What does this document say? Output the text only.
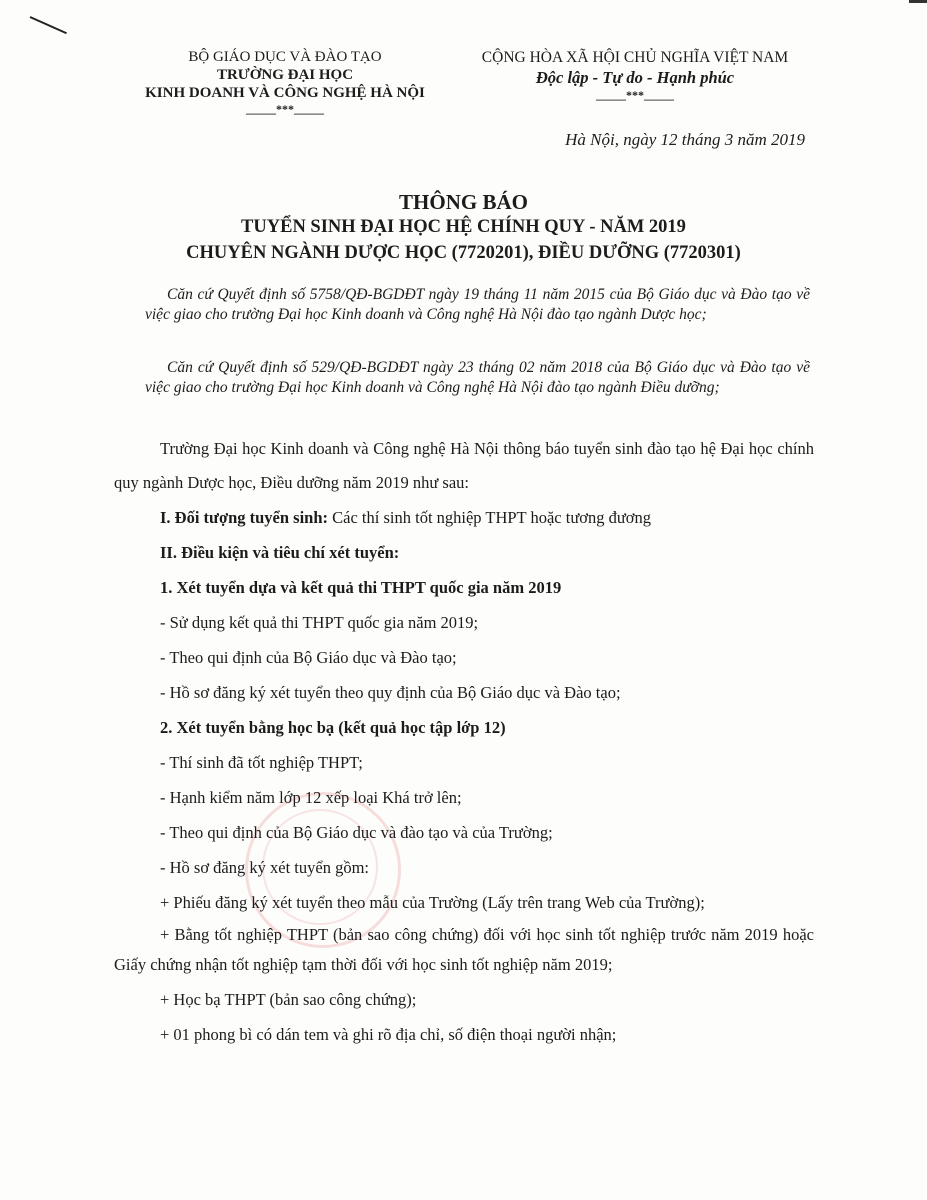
BỘ GIÁO DỤC VÀ ĐÀO TẠO
TRƯỜNG ĐẠI HỌC
KINH DOANH VÀ CÔNG NGHỆ HÀ NỘI
_____***_____
CỘNG HÒA XÃ HỘI CHỦ NGHĨA VIỆT NAM
Độc lập - Tự do - Hạnh phúc
_____***_____
Hà Nội, ngày 12 tháng 3 năm 2019
THÔNG BÁO
TUYỂN SINH ĐẠI HỌC HỆ CHÍNH QUY - NĂM 2019
CHUYÊN NGÀNH DƯỢC HỌC (7720201), ĐIỀU DƯỠNG (7720301)
Căn cứ Quyết định số 5758/QĐ-BGDĐT ngày 19 tháng 11 năm 2015 của Bộ Giáo dục và Đào tạo về việc giao cho trường Đại học Kinh doanh và Công nghệ Hà Nội đào tạo ngành Dược học;
Căn cứ Quyết định số 529/QĐ-BGDĐT ngày 23 tháng 02 năm 2018 của Bộ Giáo dục và Đào tạo về việc giao cho trường Đại học Kinh doanh và Công nghệ Hà Nội đào tạo ngành Điều dưỡng;
Trường Đại học Kinh doanh và Công nghệ Hà Nội thông báo tuyển sinh đào tạo hệ Đại học chính quy ngành Dược học, Điều dưỡng năm 2019 như sau:
I. Đối tượng tuyển sinh: Các thí sinh tốt nghiệp THPT hoặc tương đương
II. Điều kiện và tiêu chí xét tuyển:
1. Xét tuyển dựa và kết quả thi THPT quốc gia năm 2019
- Sử dụng kết quả thi THPT quốc gia năm 2019;
- Theo qui định của Bộ Giáo dục và Đào tạo;
- Hồ sơ đăng ký xét tuyển theo quy định của Bộ Giáo dục và Đào tạo;
2. Xét tuyển bằng học bạ (kết quả học tập lớp 12)
- Thí sinh đã tốt nghiệp THPT;
- Hạnh kiểm năm lớp 12 xếp loại Khá trở lên;
- Theo qui định của Bộ Giáo dục và đào tạo và của Trường;
- Hồ sơ đăng ký xét tuyển gồm:
+ Phiếu đăng ký xét tuyển theo mẫu của Trường (Lấy trên trang Web của Trường);
+ Bằng tốt nghiệp THPT (bản sao công chứng) đối với học sinh tốt nghiệp trước năm 2019 hoặc Giấy chứng nhận tốt nghiệp tạm thời đối với học sinh tốt nghiệp năm 2019;
+ Học bạ THPT (bản sao công chứng);
+ 01 phong bì có dán tem và ghi rõ địa chỉ, số điện thoại người nhận;
